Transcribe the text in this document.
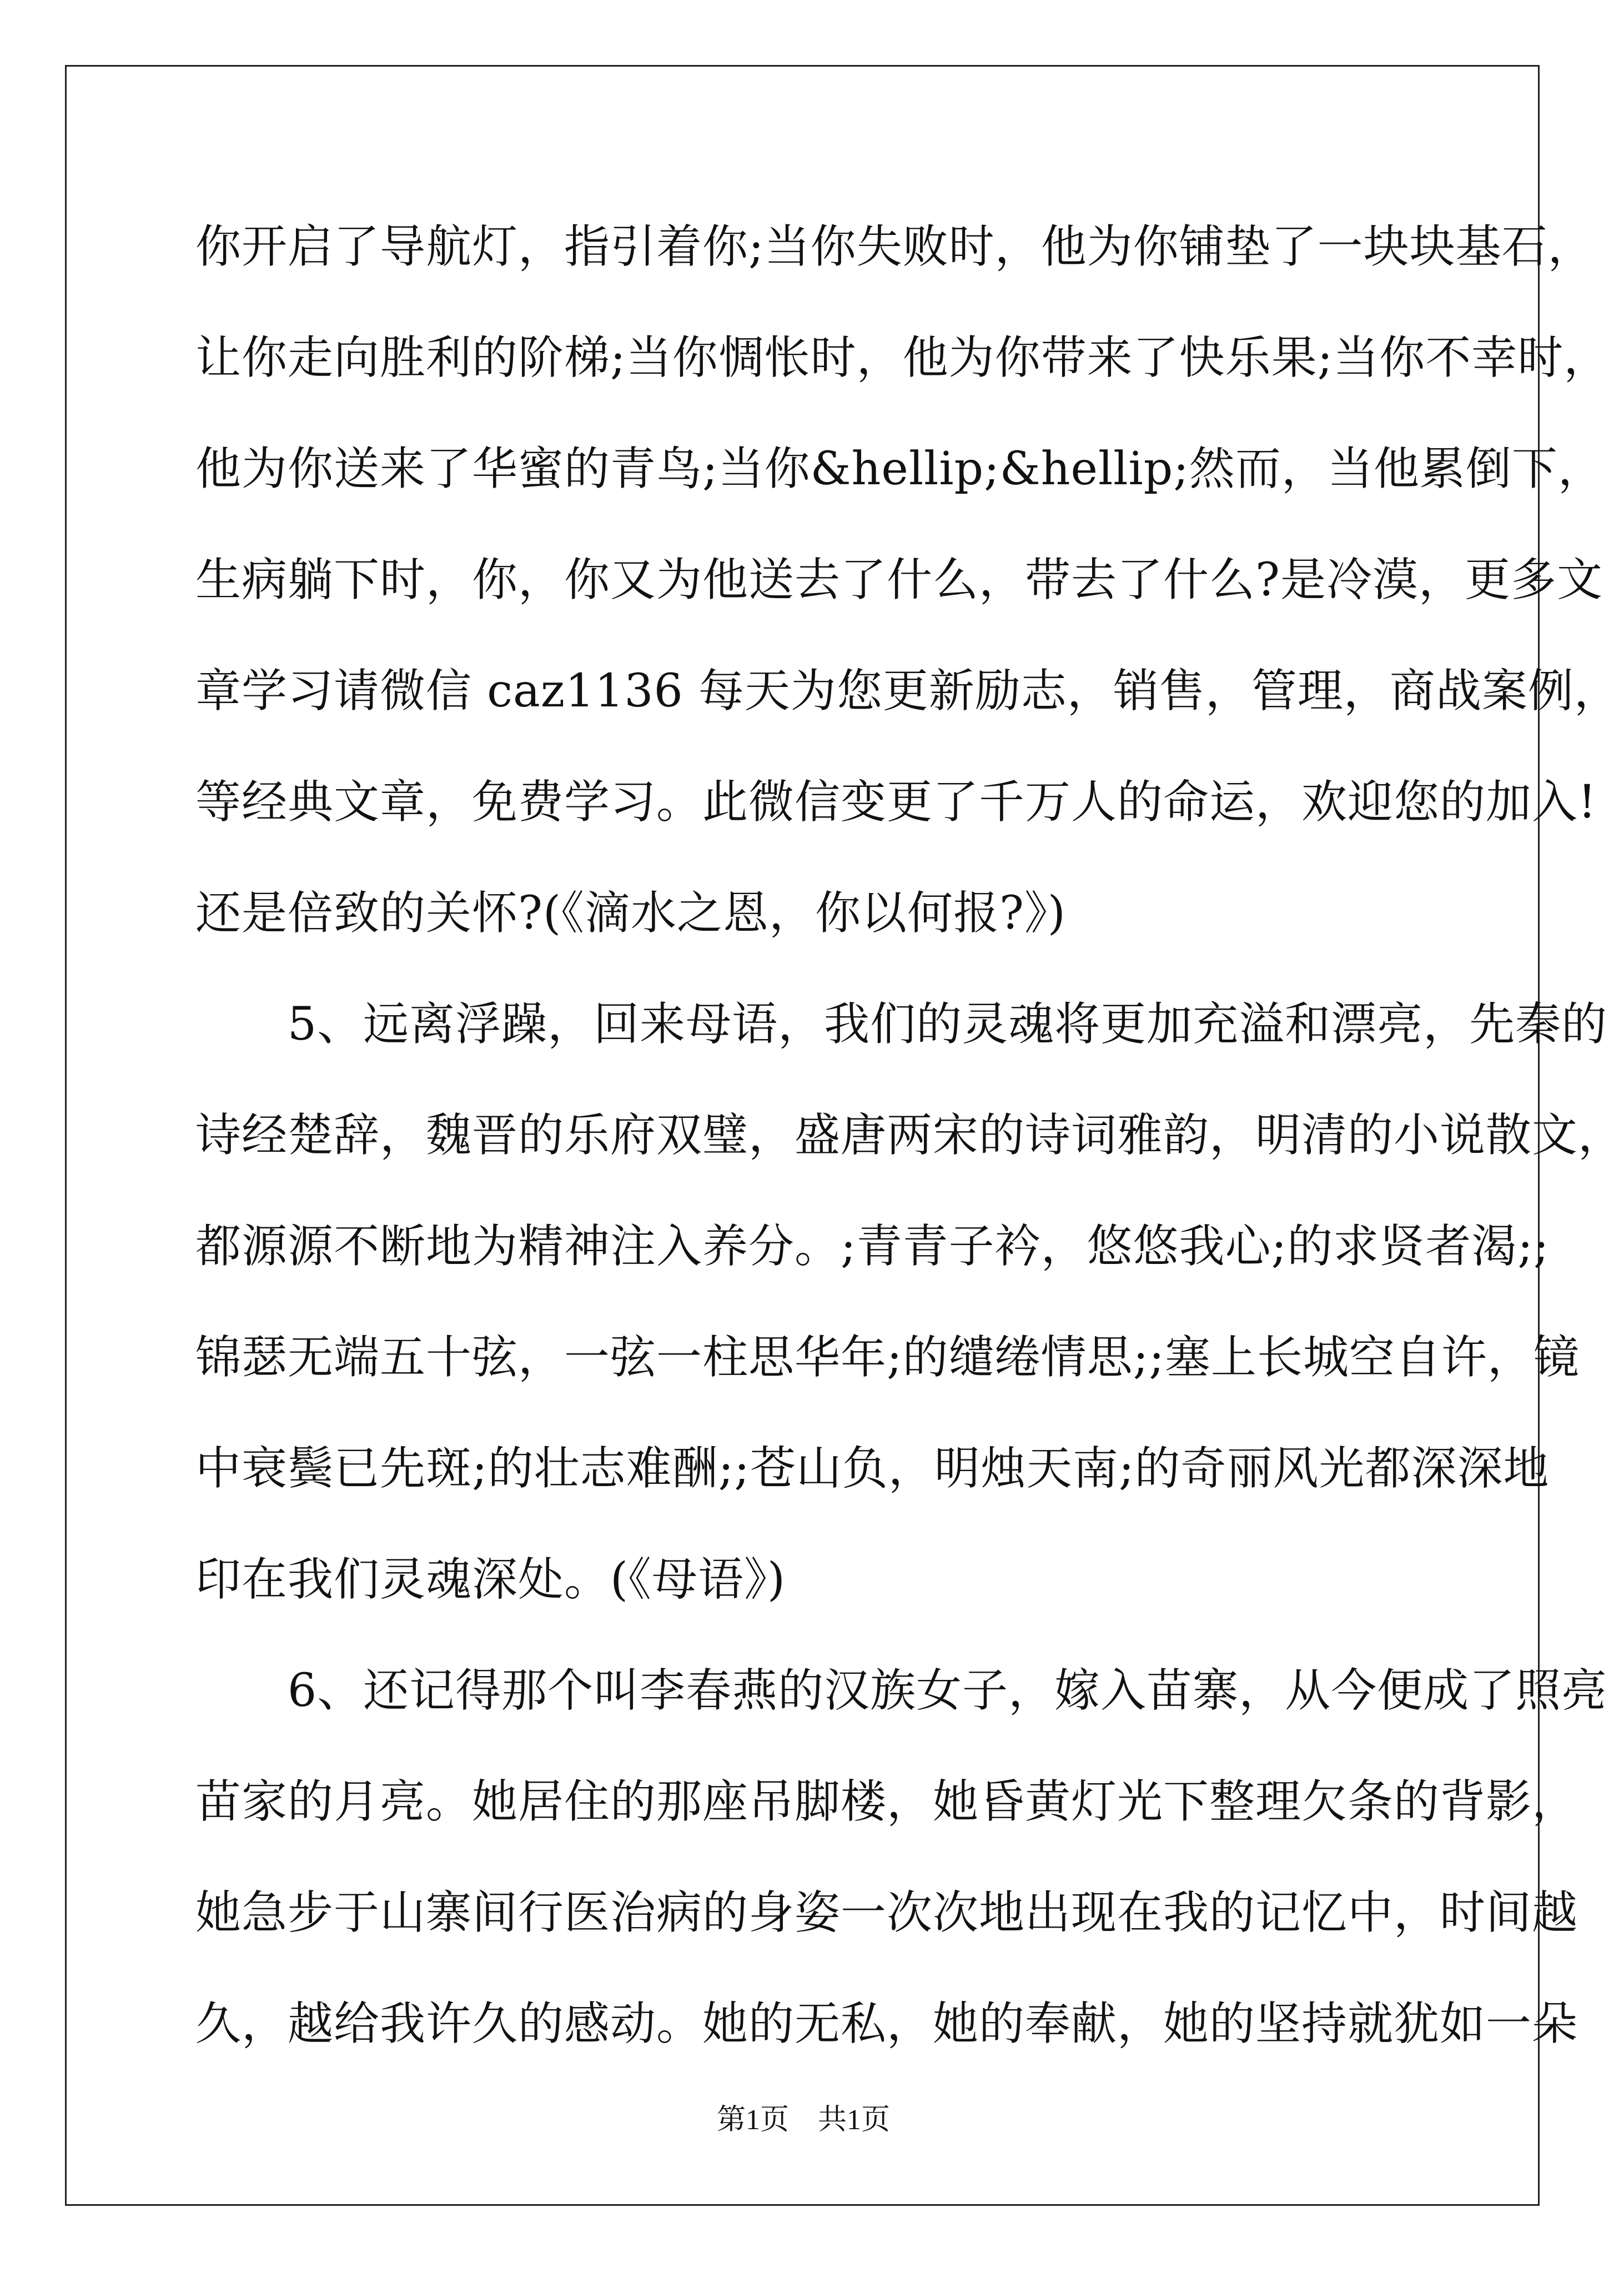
你开启了导航灯，指引着你;当你失败时，他为你铺垫了一块块基石，
让你走向胜利的阶梯;当你惆怅时，他为你带来了快乐果;当你不幸时，
他为你送来了华蜜的青鸟;当你&hellip;&hellip;然而，当他累倒下，
生病躺下时，你，你又为他送去了什么，带去了什么?是冷漠，更多文
章学习请微信 caz1136 每天为您更新励志，销售，管理，商战案例，
等经典文章，免费学习。此微信变更了千万人的命运，欢迎您的加入!
还是倍致的关怀?(《滴水之恩，你以何报?》)
　　5、远离浮躁，回来母语，我们的灵魂将更加充溢和漂亮，先秦的
诗经楚辞，魏晋的乐府双璧，盛唐两宋的诗词雅韵，明清的小说散文，
都源源不断地为精神注入养分。;青青子衿，悠悠我心;的求贤者渴;;
锦瑟无端五十弦，一弦一柱思华年;的缱绻情思;;塞上长城空自许，镜
中衰鬓已先斑;的壮志难酬;;苍山负，明烛天南;的奇丽风光都深深地
印在我们灵魂深处。(《母语》)
　　6、还记得那个叫李春燕的汉族女子，嫁入苗寨，从今便成了照亮
苗家的月亮。她居住的那座吊脚楼，她昏黄灯光下整理欠条的背影，
她急步于山寨间行医治病的身姿一次次地出现在我的记忆中，时间越
久，越给我许久的感动。她的无私，她的奉献，她的坚持就犹如一朵
第1页　共1页
